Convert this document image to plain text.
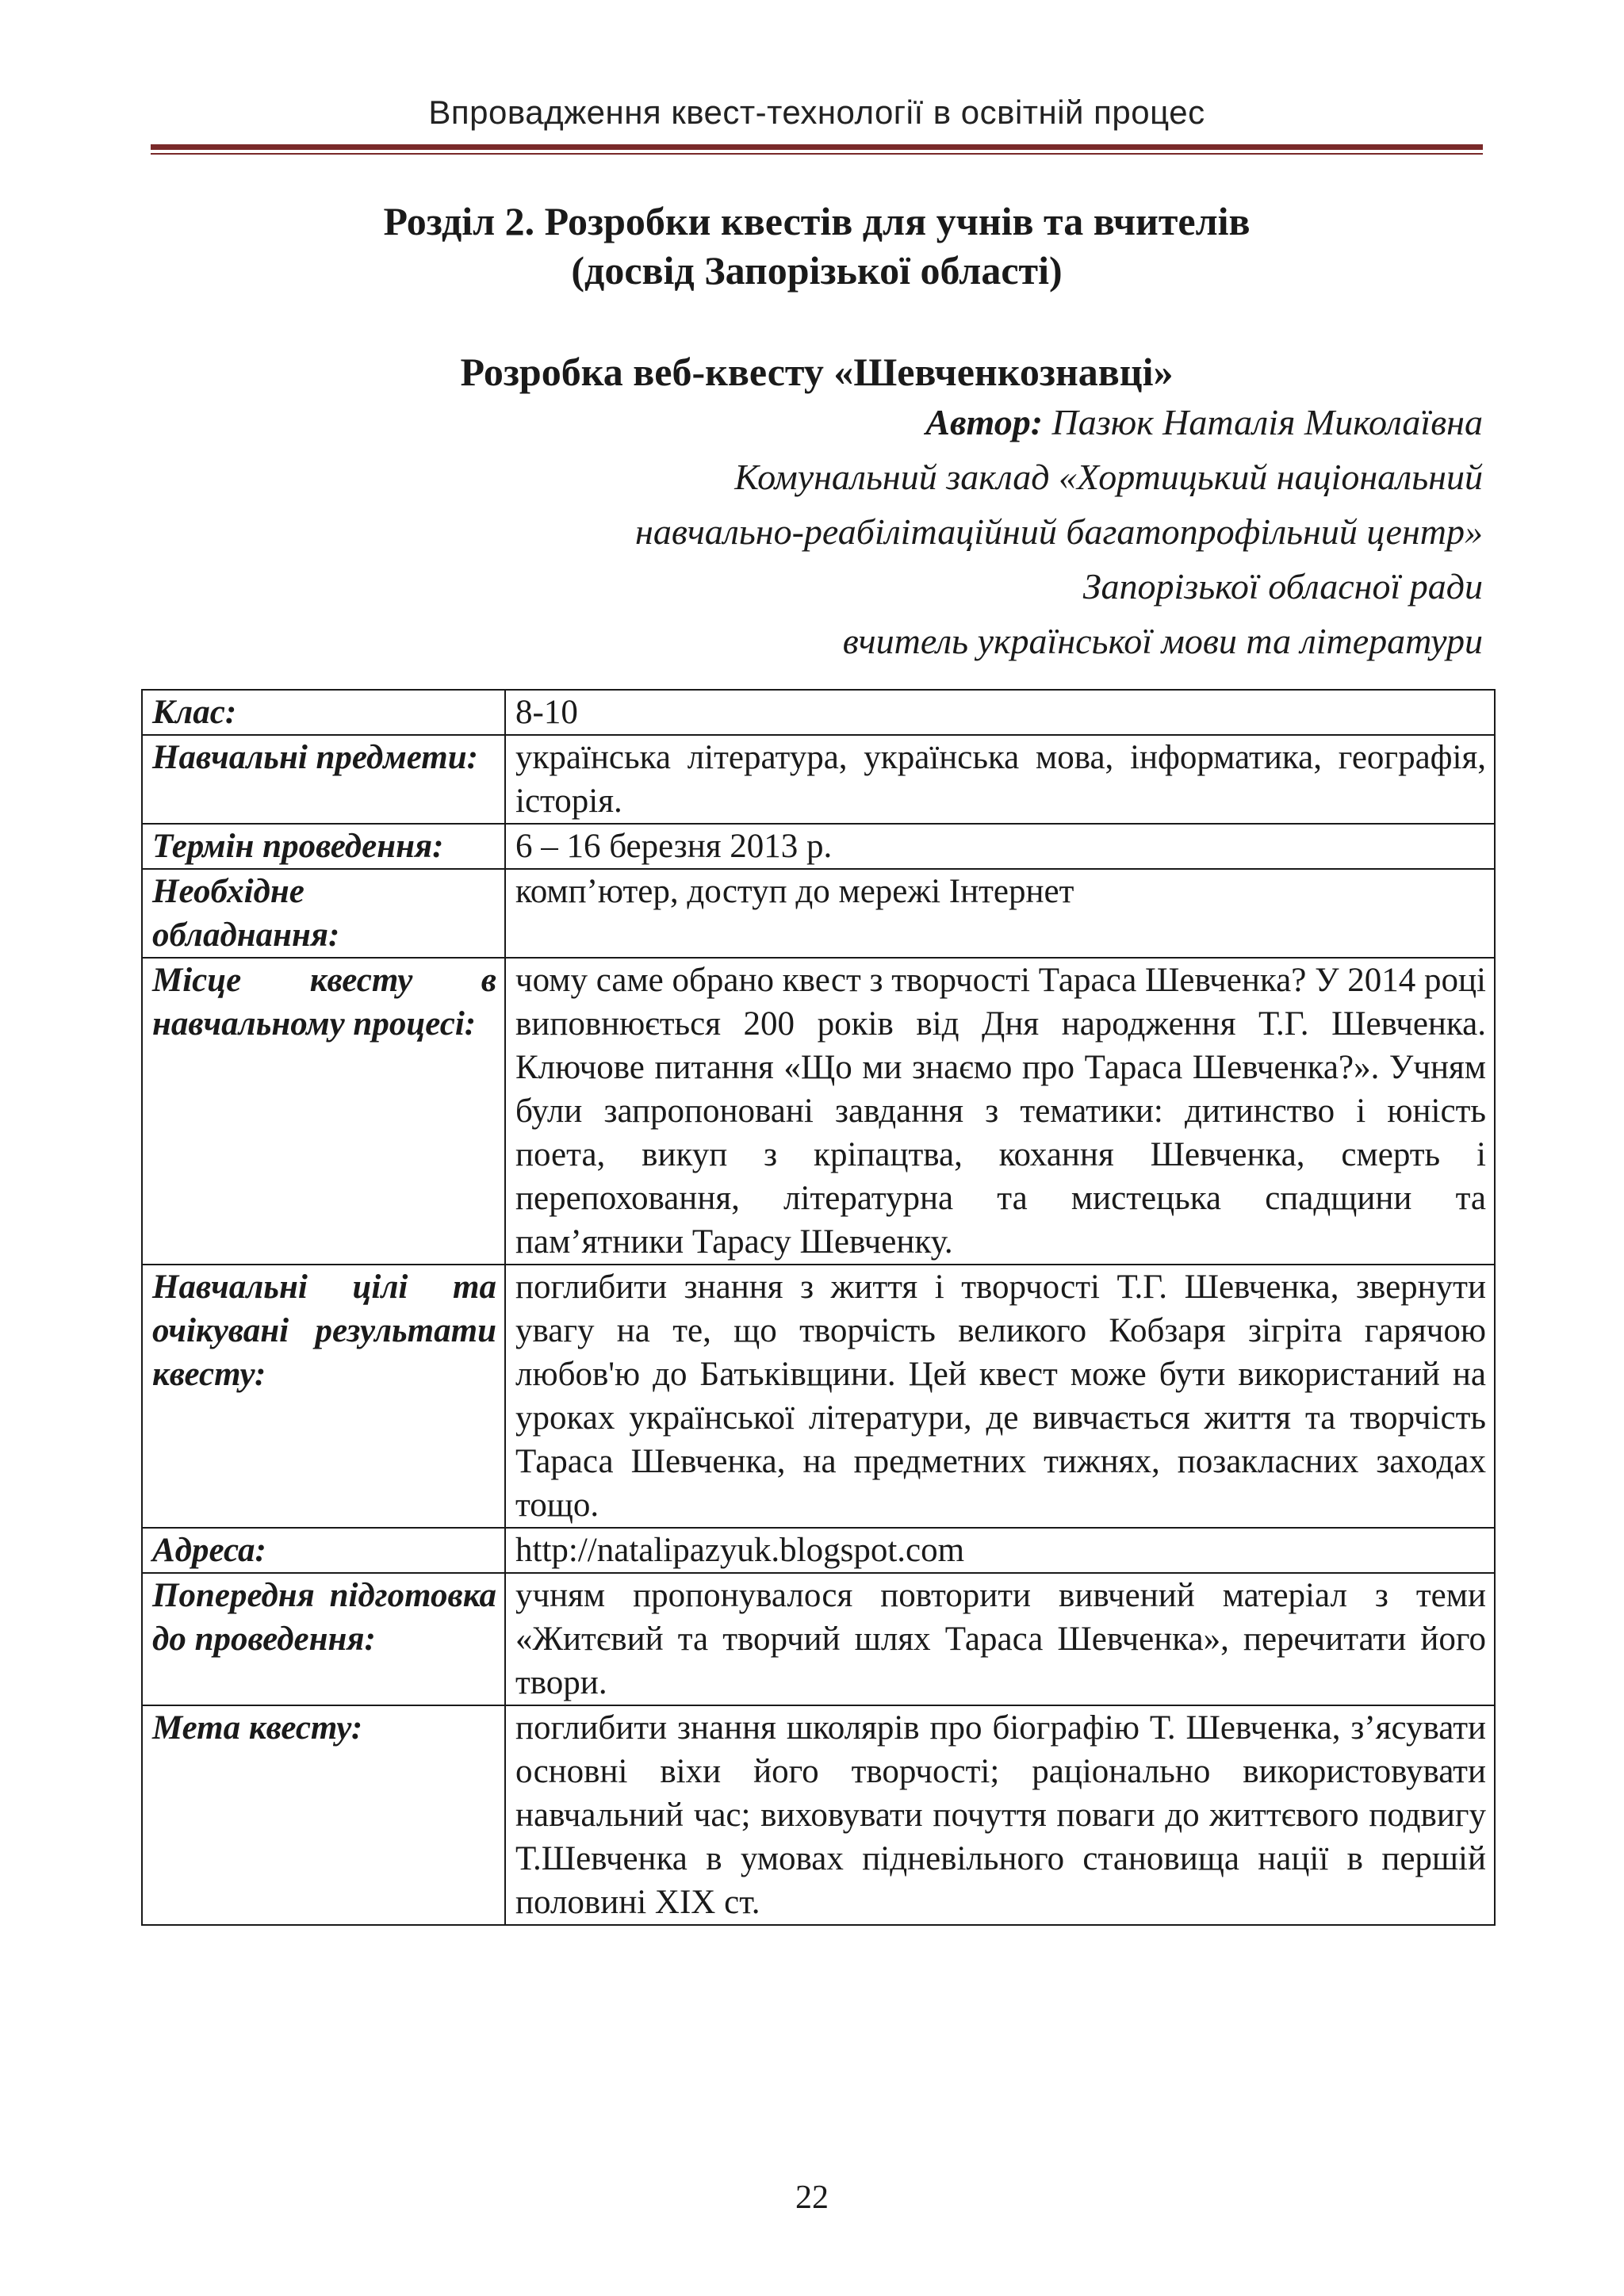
Впровадження квест-технології в освітній процес
Розділ 2. Розробки квестів для учнів та вчителів
(досвід Запорізької області)
Розробка веб-квесту «Шевченкознавці»
Автор: Пазюк Наталія Миколаївна
Комунальний заклад «Хортицький національний
навчально-реабілітаційний багатопрофільний центр»
Запорізької обласної ради
вчитель української мови та літератури
Клас:	8-10
Навчальні предмети:	українська література, українська мова, інформатика, географія, історія.
Термін проведення:	6 – 16 березня 2013 р.
Необхідне обладнання:	комп’ютер, доступ до мережі Інтернет
Місце квесту в навчальному процесі:	чому саме обрано квест з творчості Тараса Шевченка? У 2014 році виповнюється 200 років від Дня народження Т.Г. Шевченка. Ключове питання «Що ми знаємо про Тараса Шевченка?». Учням були запропоновані завдання з тематики: дитинство і юність поета, викуп з кріпацтва, кохання Шевченка, смерть і перепоховання, літературна та мистецька спадщини та пам’ятники Тарасу Шевченку.
Навчальні цілі та очікувані результати квесту:	поглибити знання з життя і творчості Т.Г. Шевченка, звернути увагу на те, що творчість великого Кобзаря зігріта гарячою любов'ю до Батьківщини. Цей квест може бути використаний на уроках української літератури, де вивчається життя та творчість Тараса Шевченка, на предметних тижнях, позакласних заходах тощо.
Адреса:	http://natalipazyuk.blogspot.com
Попередня підготовка до проведення:	учням пропонувалося повторити вивчений матеріал з теми «Житєвий та творчий шлях Тараса Шевченка», перечитати його твори.
Мета квесту:	поглибити знання школярів про біографію Т. Шевченка, з’ясувати основні віхи його творчості; раціонально використовувати навчальний час; виховувати почуття поваги до життєвого подвигу Т.Шевченка в умовах підневільного становища нації в першій половині XIX ст.
22
